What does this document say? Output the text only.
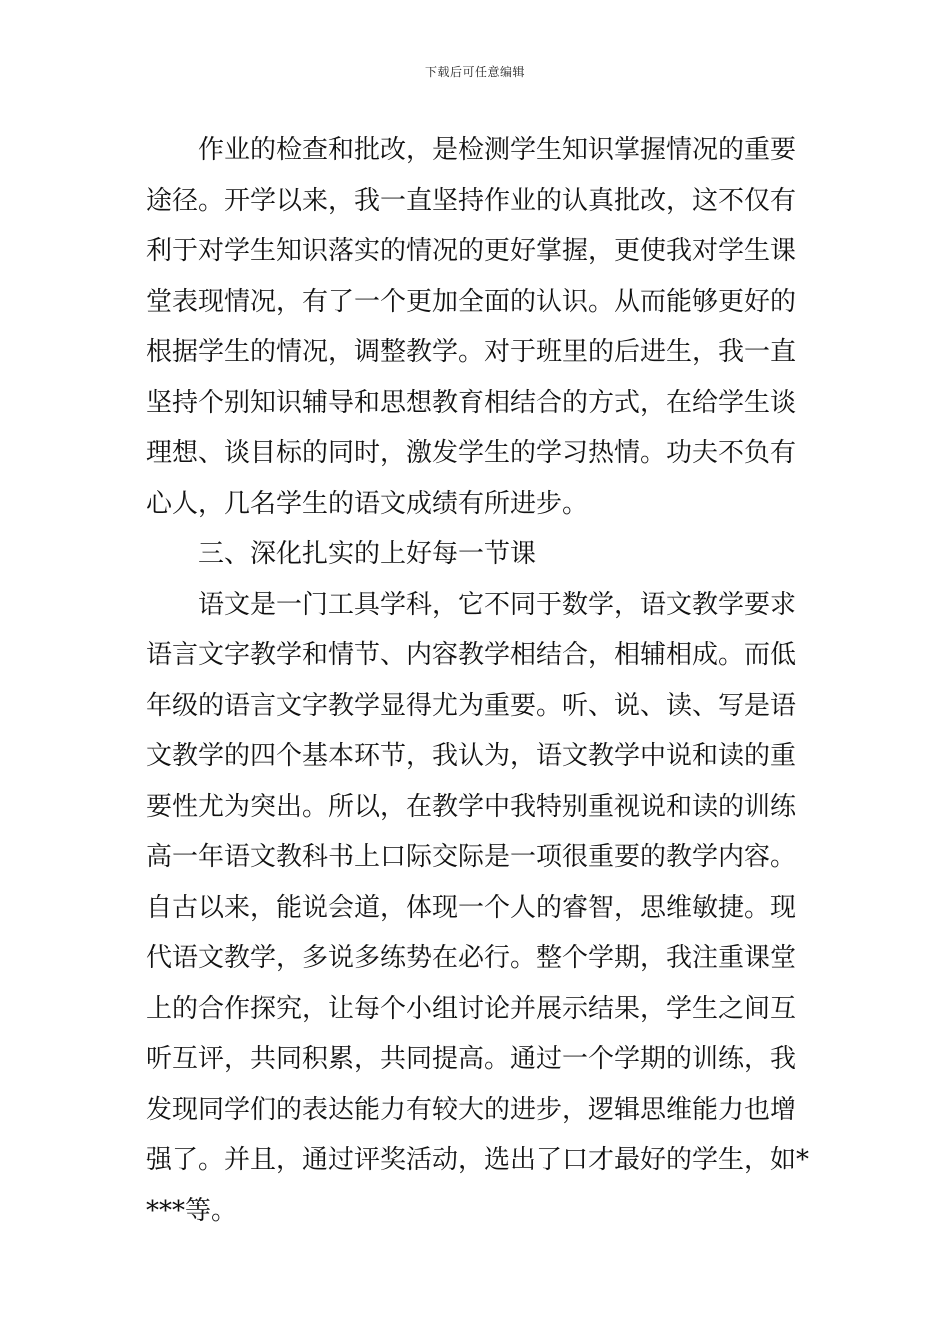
下载后可任意编辑
作业的检查和批改，是检测学生知识掌握情况的重要
途径。开学以来，我一直坚持作业的认真批改，这不仅有
利于对学生知识落实的情况的更好掌握，更使我对学生课
堂表现情况，有了一个更加全面的认识。从而能够更好的
根据学生的情况，调整教学。对于班里的后进生，我一直
坚持个别知识辅导和思想教育相结合的方式，在给学生谈
理想、谈目标的同时，激发学生的学习热情。功夫不负有
心人，几名学生的语文成绩有所进步。
三、深化扎实的上好每一节课
语文是一门工具学科，它不同于数学，语文教学要求
语言文字教学和情节、内容教学相结合，相辅相成。而低
年级的语言文字教学显得尤为重要。听、说、读、写是语
文教学的四个基本环节，我认为，语文教学中说和读的重
要性尤为突出。所以，在教学中我特别重视说和读的训练
高一年语文教科书上口际交际是一项很重要的教学内容。
自古以来，能说会道，体现一个人的睿智，思维敏捷。现
代语文教学，多说多练势在必行。整个学期，我注重课堂
上的合作探究，让每个小组讨论并展示结果，学生之间互
听互评，共同积累，共同提高。通过一个学期的训练，我
发现同学们的表达能力有较大的进步，逻辑思维能力也增
强了。并且，通过评奖活动，选出了口才最好的学生，如*
***等。
